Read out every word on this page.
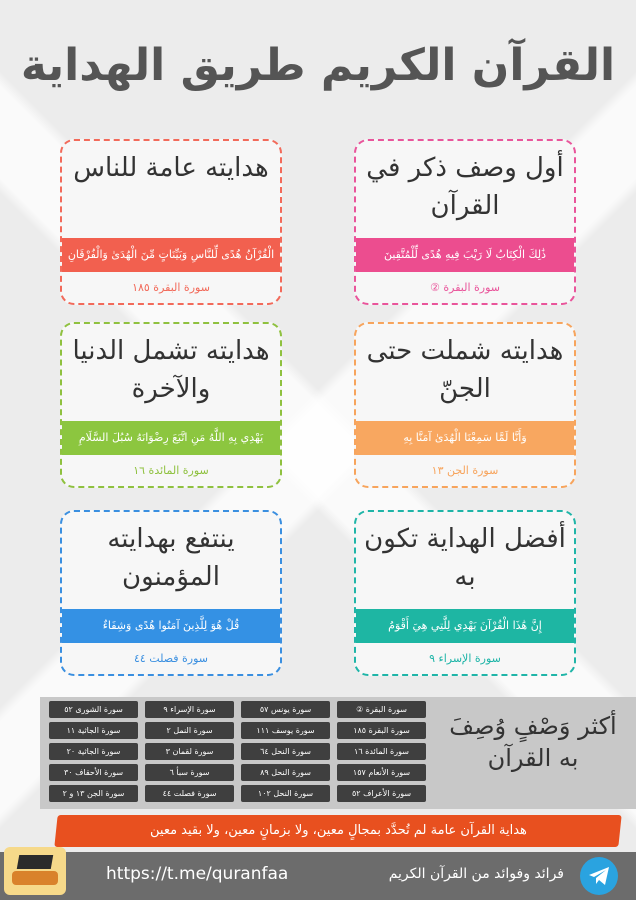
القرآن الكريم طريق الهداية
أول وصف ذكر في القرآن
ذَٰلِكَ الْكِتَابُ لَا رَيْبَ فِيهِ هُدًى لِّلْمُتَّقِينَ
سورة البقرة ②
هدايته عامة للناس
الْقُرْآنُ هُدًى لِّلنَّاسِ وَبَيِّنَاتٍ مِّنَ الْهُدَىٰ وَالْفُرْقَانِ
سورة البقرة ١٨٥
هدايته شملت حتى الجنّ
وَأَنَّا لَمَّا سَمِعْنَا الْهُدَىٰ آمَنَّا بِهِ
سورة الجن ١٣
هدايته تشمل الدنيا والآخرة
يَهْدِي بِهِ اللَّهُ مَنِ اتَّبَعَ رِضْوَانَهُ سُبُلَ السَّلَامِ
سورة المائدة ١٦
أفضل الهداية تكون به
إِنَّ هَٰذَا الْقُرْآنَ يَهْدِي لِلَّتِي هِيَ أَقْوَمُ
سورة الإسراء ٩
ينتفع بهدايته المؤمنون
قُلْ هُوَ لِلَّذِينَ آمَنُوا هُدًى وَشِفَاءٌ
سورة فصلت ٤٤
أكثر وَصْفٍ وُصِفَ به القرآن
سورة البقرة ②
سورة يونس ٥٧
سورة الإسراء ٩
سورة الشورى ٥٢
سورة البقرة ١٨٥
سورة يوسف ١١١
سورة النمل ٢
سورة الجاثية ١١
سورة المائدة ١٦
سورة النحل ٦٤
سورة لقمان ٣
سورة الجاثية ٢٠
سورة الأنعام ١٥٧
سورة النحل ٨٩
سورة سبأ ٦
سورة الأحقاف ٣٠
سورة الأعراف ٥٢
سورة النحل ١٠٢
سورة فصلت ٤٤
سورة الجن ١٣ و ٢
هداية القرآن عامة لم تُحدَّد بمجالٍ معين، ولا بزمانٍ معين، ولا بقيد معين
https://t.me/quranfaa	فرائد وفوائد من القرآن الكريم
